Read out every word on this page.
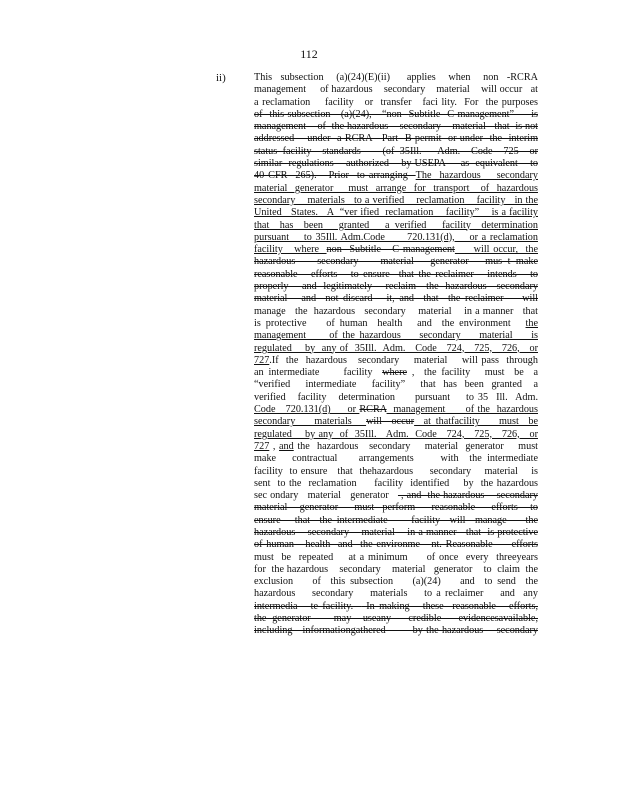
112
ii)	This  subsection   (a)(24)(E)(ii)    applies   when   non  -RCRA
management     of hazardous    secondary    material    will occur   at
a reclamation    facility   or  transfer   faci lity.  For  the purposes
of  this subsection   (a)(24),   “non  Subtitle  C management”     is
management    of  the hazardous    secondary    material   that  is not
addressed    under  a RCRA   Part  B permit  or under  the  interim
status facility  standards    (of 35Ill.   Adm.  Code  725  or
similar  regulations    authorized    by USEPA     as  equivalent    to
40 CFR  265).   Prior  to arranging  The  hazardous    secondary
material  generator    must  arrange  for  transport   of  hazardous
secondary    materials   to a verified    reclamation    facility   in the
United   States.   A  “ver ified  reclamation    facility”    is a facility
that  has  been   granted   a verified   facility  determination
pursuant    to 35Ill. Adm.Code      720.131(d),    or a reclamation
facility   where  non  Subtitle   C management     will occur,  the
hazardous    secondary    material   generator   mus t make
reasonable   efforts   to ensure  that the reclaimer   intends   to
properly    and  legitimately    reclaim   the  hazardous   secondary
material   and  not discard   it, and  that  the reclaimer    will
manage   the  hazardous   secondary    material    in a manner   that
is protective    of human  health   and  the environment   the
management     of the hazardous    secondary    material    is
regulated    by  any of  35Ill.  Adm.   Code   724,   725,   726,   or
727.If  the  hazardous   secondary    material    will pass  through
an intermediate     facility  where ,  the facility   must  be  a
“verified    intermediate    facility”    that  has  been  granted   a
verified   facility   determination     pursuant    to 35  Ill.  Adm.
Code   720.131(d)     or RCRA  management      of the  hazardous
secondary    materials   will  occur  at thatfacility    must  be
regulated    by any  of  35Ill.   Adm.  Code   724,   725,   726,   or
727 , and the  hazardous   secondary    material  generator    must
make   contractual    arrangements     with  the intermediate
facility  to ensure   that  thehazardous     secondary    material    is
sent  to the  reclamation     facility  identified    by  the hazardous
sec ondary   material   generator    , and  the hazardous    secondary
material   generator    must  perform    reasonable    efforts   to
ensure   that  the intermediate     facility  will  manage    the
hazardous    secondary    material    in a manner   that  is protective
of human   health  and  the environme   nt. Reasonable     efforts
must  be  repeated    at a minimum     of once  every  threeyears
for  the hazardous    secondary    material   generator    to  claim  the
exclusion    of  this subsection    (a)(24)    and  to send  the
hazardous    secondary    materials    to a reclaimer    and  any
intermedia   te facility.   In making   these  reasonable   efforts,
the generator    may  useany   credible   evidencesavailable,
including   informationgathered        by the hazardous    secondary
